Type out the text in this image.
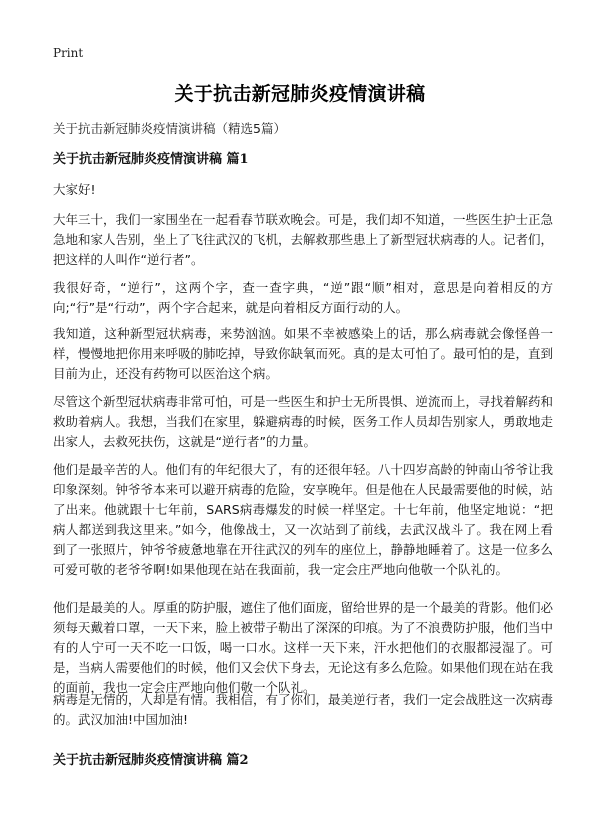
Print
关于抗击新冠肺炎疫情演讲稿
关于抗击新冠肺炎疫情演讲稿（精选5篇）
关于抗击新冠肺炎疫情演讲稿 篇1
大家好!
大年三十，我们一家围坐在一起看春节联欢晚会。可是，我们却不知道，一些医生护士正急急地和家人告别，坐上了飞往武汉的飞机，去解救那些患上了新型冠状病毒的人。记者们，把这样的人叫作“逆行者”。
我很好奇，“逆行”，这两个字，查一查字典，“逆”跟“顺”相对，意思是向着相反的方向;“行”是“行动”，两个字合起来，就是向着相反方面行动的人。
我知道，这种新型冠状病毒，来势汹汹。如果不幸被感染上的话，那么病毒就会像怪兽一样，慢慢地把你用来呼吸的肺吃掉，导致你缺氧而死。真的是太可怕了。最可怕的是，直到目前为止，还没有药物可以医治这个病。
尽管这个新型冠状病毒非常可怕，可是一些医生和护士无所畏惧、逆流而上，寻找着解药和救助着病人。我想，当我们在家里，躲避病毒的时候，医务工作人员却告别家人，勇敢地走出家人，去救死扶伤，这就是“逆行者”的力量。
他们是最辛苦的人。他们有的年纪很大了，有的还很年轻。八十四岁高龄的钟南山爷爷让我印象深刻。钟爷爷本来可以避开病毒的危险，安享晚年。但是他在人民最需要他的时候，站了出来。他就跟十七年前，SARS病毒爆发的时候一样坚定。十七年前，他坚定地说：“把病人都送到我这里来。”如今，他像战士，又一次站到了前线，去武汉战斗了。我在网上看到了一张照片，钟爷爷疲惫地靠在开往武汉的列车的座位上，静静地睡着了。这是一位多么可爱可敬的老爷爷啊!如果他现在站在我面前，我一定会庄严地向他敬一个队礼的。
他们是最美的人。厚重的防护服，遮住了他们面庞，留给世界的是一个最美的背影。他们必须每天戴着口罩，一天下来，脸上被带子勒出了深深的印痕。为了不浪费防护服，他们当中有的人宁可一天不吃一口饭，喝一口水。这样一天下来，汗水把他们的衣服都浸湿了。可是，当病人需要他们的时候，他们又会伏下身去，无论这有多么危险。如果他们现在站在我的面前，我也一定会庄严地向他们敬一个队礼。
病毒是无情的，人却是有情。我相信，有了你们，最美逆行者，我们一定会战胜这一次病毒的。武汉加油!中国加油!
关于抗击新冠肺炎疫情演讲稿 篇2
